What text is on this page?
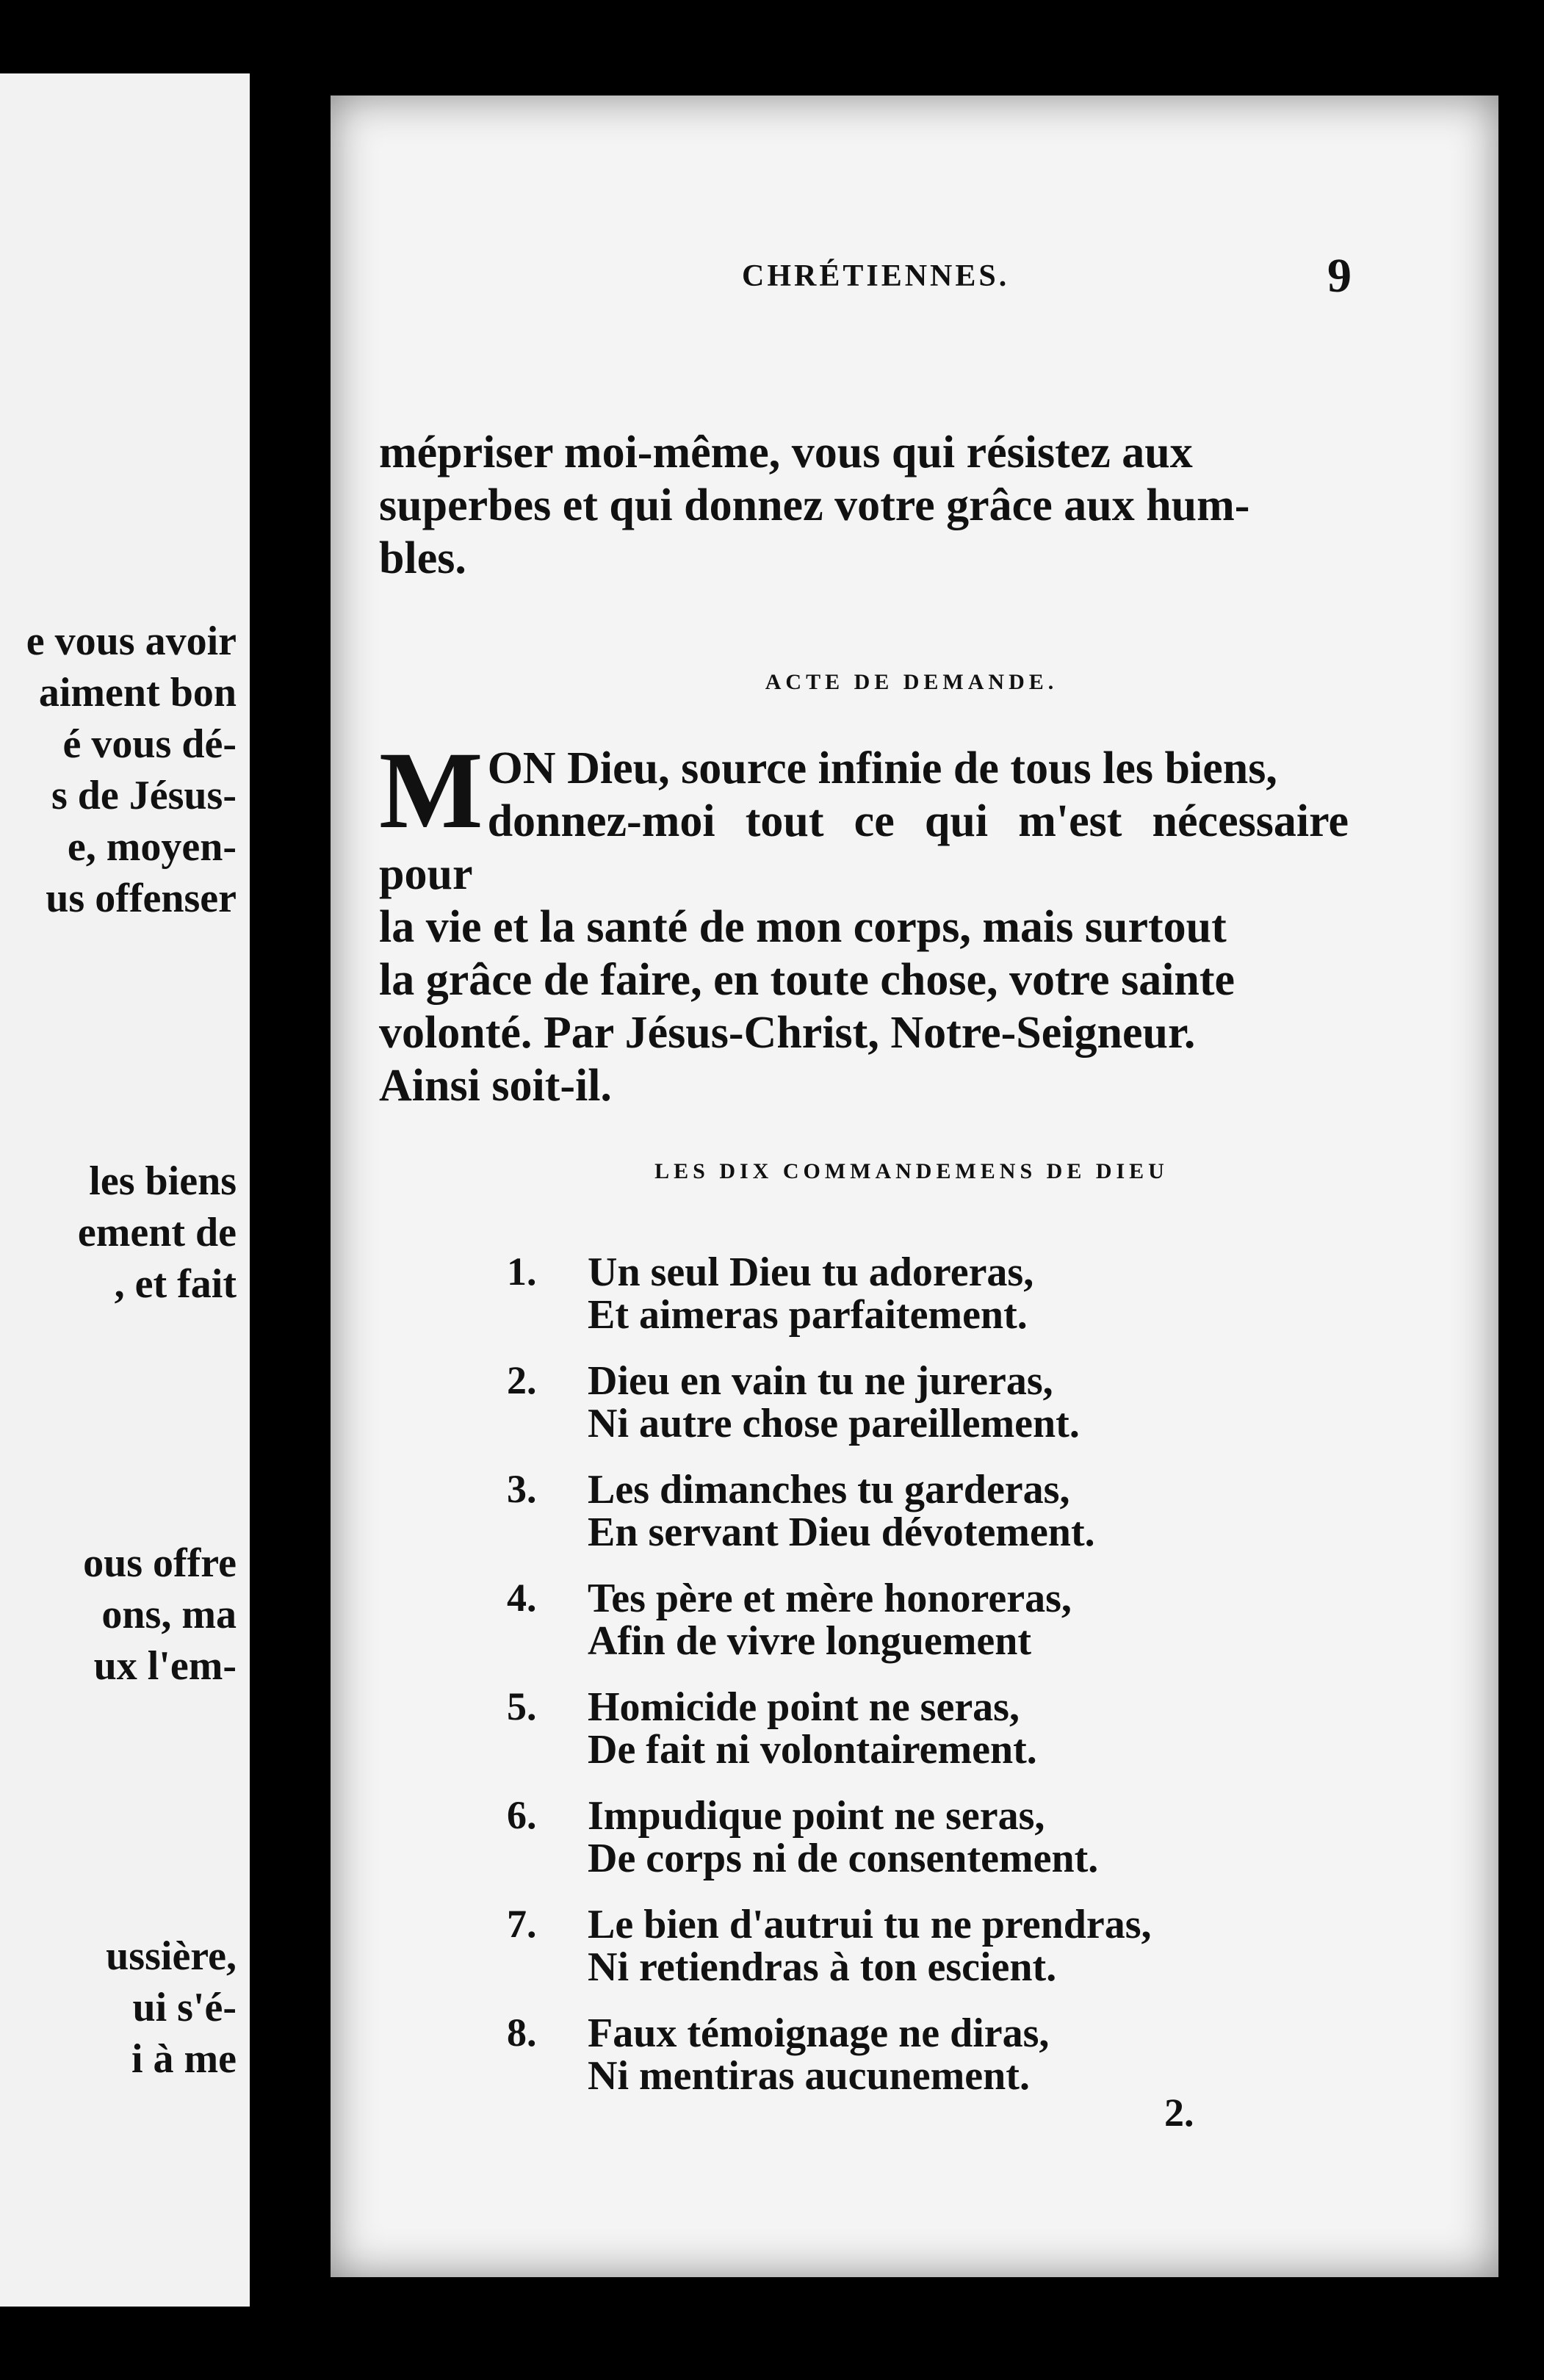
e vous avoir
aiment bon
é vous dé-
s de Jésus-
e, moyen-
us offenser
les biens
ement de
, et fait
ous offre
ons, ma
ux l'em-
ussière,
ui s'é-
i à me
CHRÉTIENNES.	9
mépriser moi-même, vous qui résistez aux
superbes et qui donnez votre grâce aux hum-
bles.
ACTE DE DEMANDE.
M ON Dieu, source infinie de tous les biens,
donnez-moi tout ce qui m'est nécessaire pour
la vie et la santé de mon corps, mais surtout
la grâce de faire, en toute chose, votre sainte
volonté. Par Jésus-Christ, Notre-Seigneur.
Ainsi soit-il.
LES DIX COMMANDEMENS DE DIEU
1. Un seul Dieu tu adoreras,
Et aimeras parfaitement.
2. Dieu en vain tu ne jureras,
Ni autre chose pareillement.
3. Les dimanches tu garderas,
En servant Dieu dévotement.
4. Tes père et mère honoreras,
Afin de vivre longuement
5. Homicide point ne seras,
De fait ni volontairement.
6. Impudique point ne seras,
De corps ni de consentement.
7. Le bien d'autrui tu ne prendras,
Ni retiendras à ton escient.
8. Faux témoignage ne diras,
Ni mentiras aucunement.
2.
